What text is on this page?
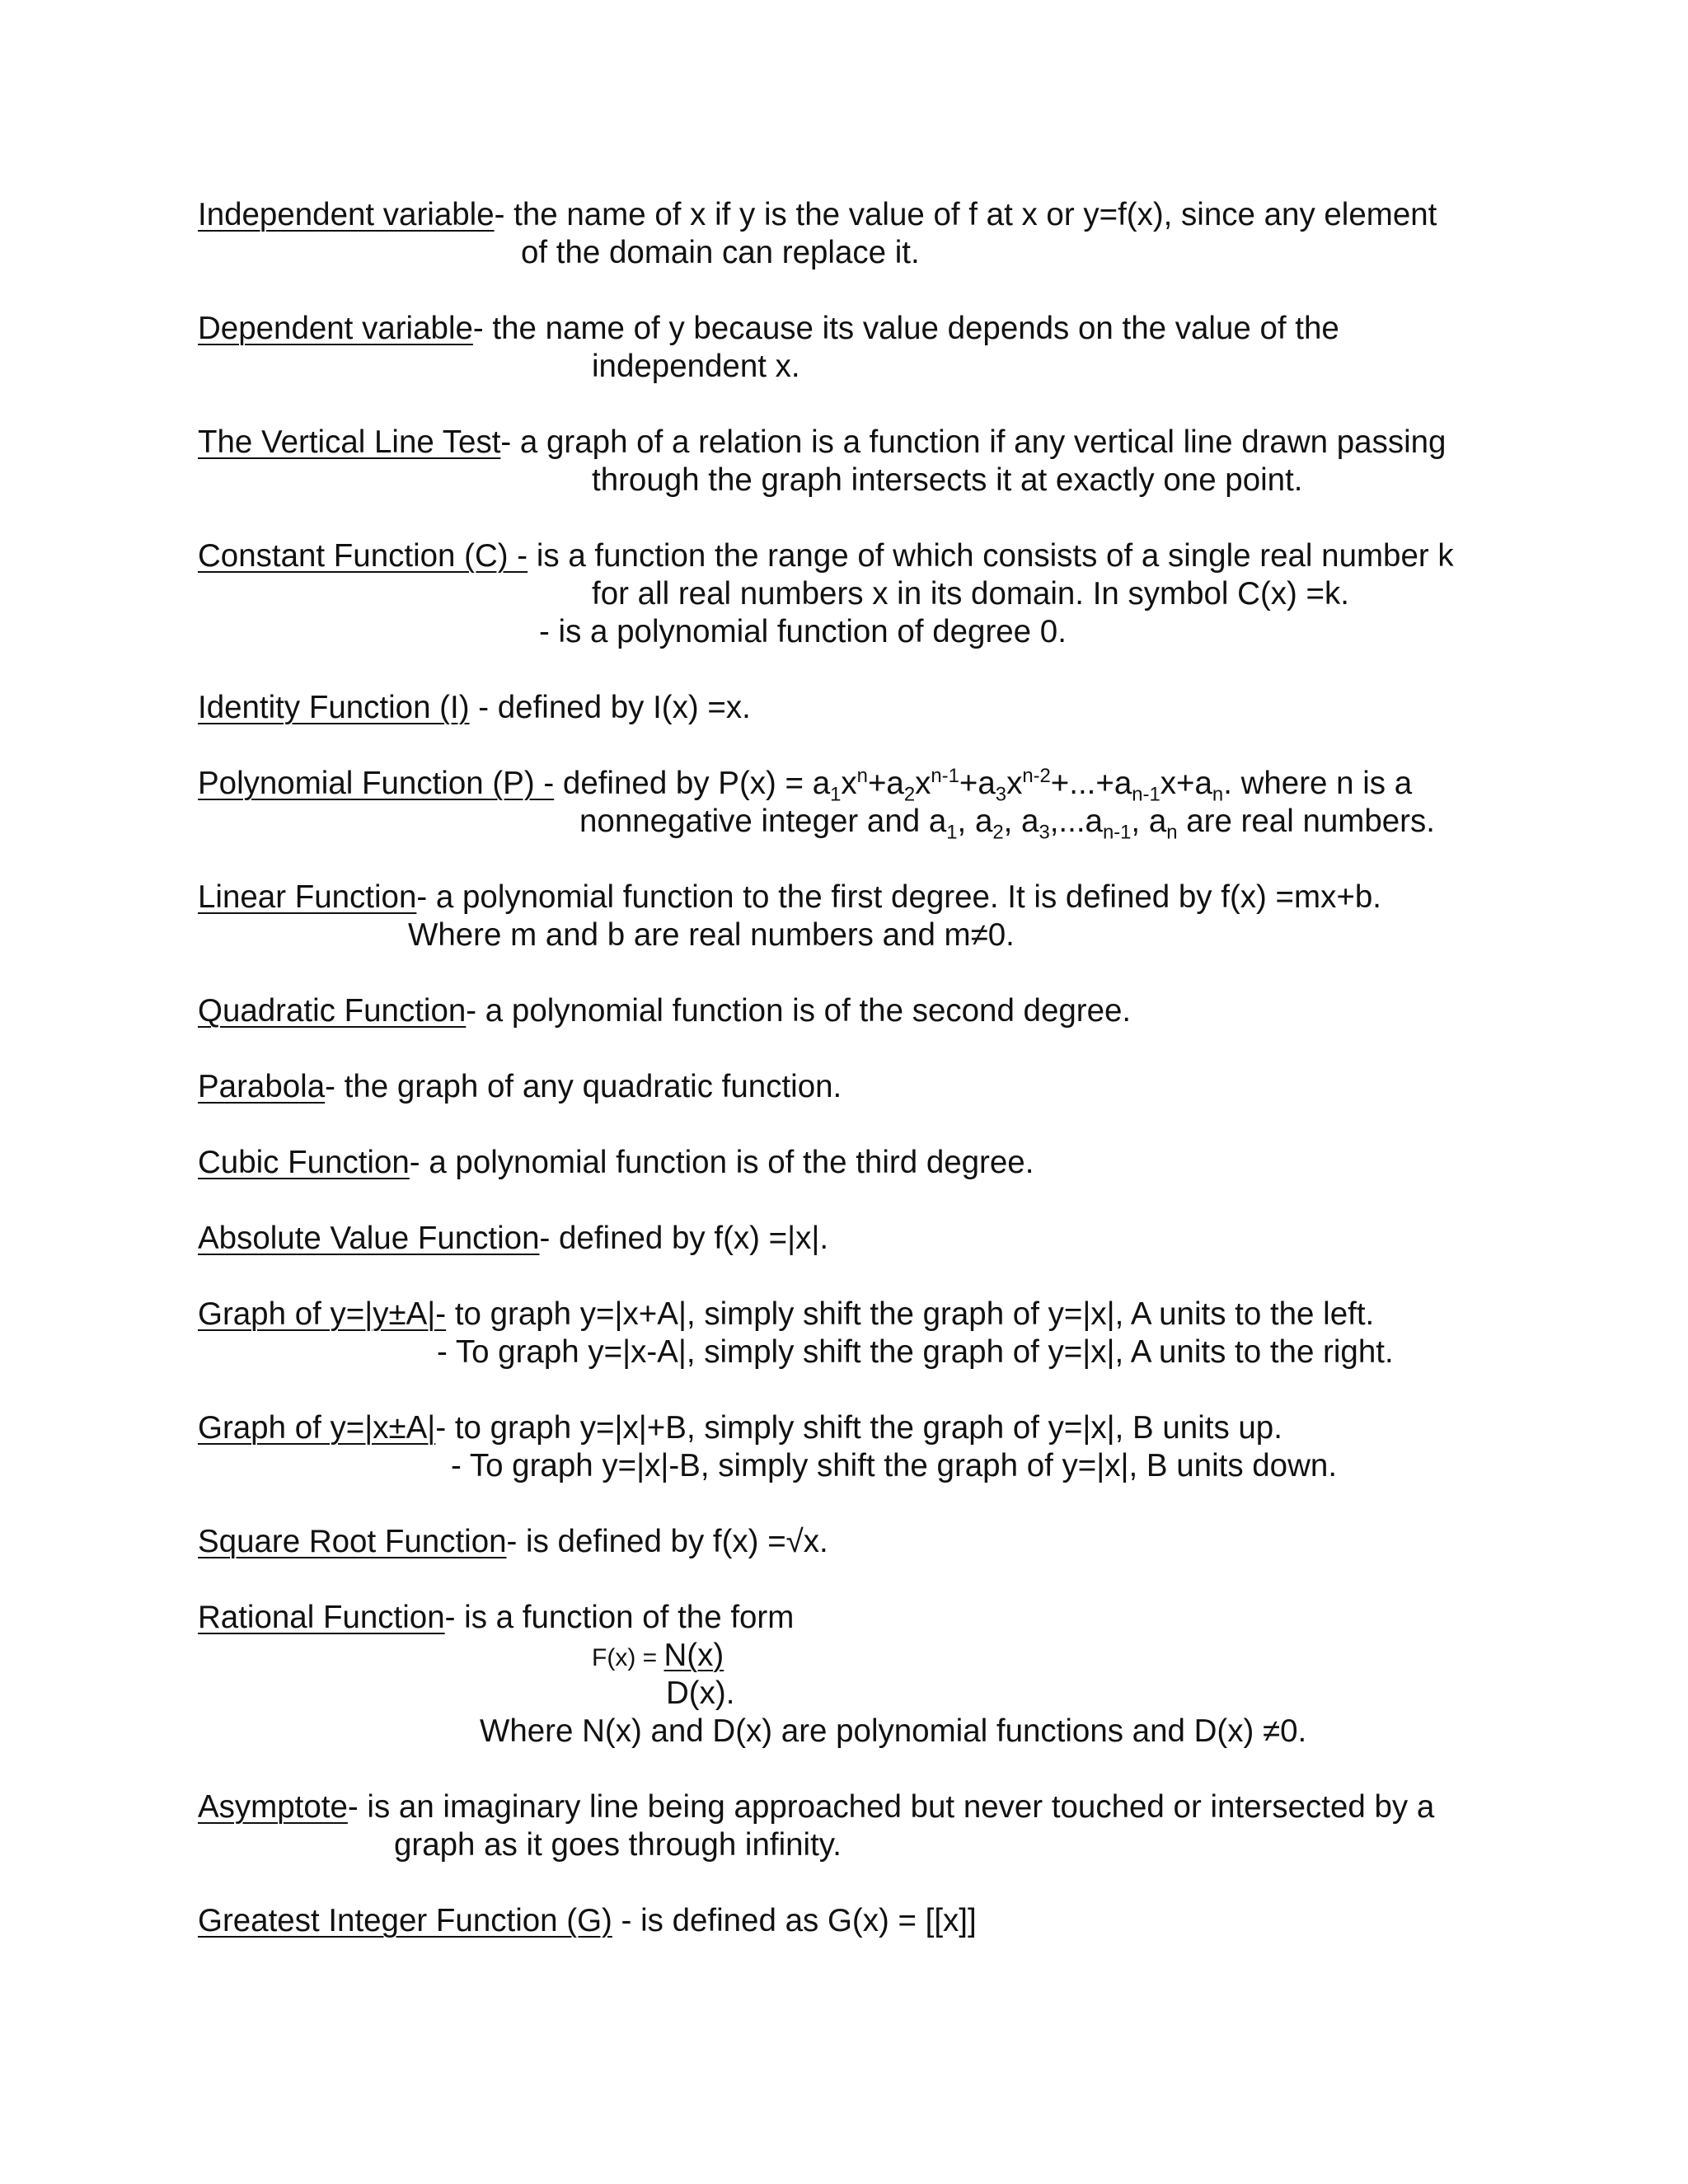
Independent variable- the name of x if y is the value of f at x or y=f(x), since any element
of the domain can replace it.
Dependent variable- the name of y because its value depends on the value of the
independent x.
The Vertical Line Test- a graph of a relation is a function if any vertical line drawn passing
through the graph intersects it at exactly one point.
Constant Function (C) - is a function the range of which consists of a single real number k
for all real numbers x in its domain. In symbol C(x) =k.
- is a polynomial function of degree 0.
Identity Function (I) - defined by I(x) =x.
Polynomial Function (P) - defined by $P(x) = a_1x^n+a_2x^{n-1}+a_3x^{n-2}+...+a_{n-1}x+a_n$. where n is a
nonnegative integer and $a_1$, $a_2$, $a_3,...a_{n-1}$, $a_n$ are real numbers.
Linear Function- a polynomial function to the first degree. It is defined by f(x) =mx+b.
Where m and b are real numbers and m≠0.
Quadratic Function- a polynomial function is of the second degree.
Parabola- the graph of any quadratic function.
Cubic Function- a polynomial function is of the third degree.
Absolute Value Function- defined by f(x) =|x|.
Graph of y=|y±A|- to graph y=|x+A|, simply shift the graph of y=|x|, A units to the left.
- To graph y=|x-A|, simply shift the graph of y=|x|, A units to the right.
Graph of y=|x±A|- to graph y=|x|+B, simply shift the graph of y=|x|, B units up.
- To graph y=|x|-B, simply shift the graph of y=|x|, B units down.
Square Root Function- is defined by f(x) =√x.
Rational Function- is a function of the form
F(x) = N(x)
D(x).
Where N(x) and D(x) are polynomial functions and D(x) ≠0.
Asymptote- is an imaginary line being approached but never touched or intersected by a
graph as it goes through infinity.
Greatest Integer Function (G) - is defined as G(x) = [[x]]
